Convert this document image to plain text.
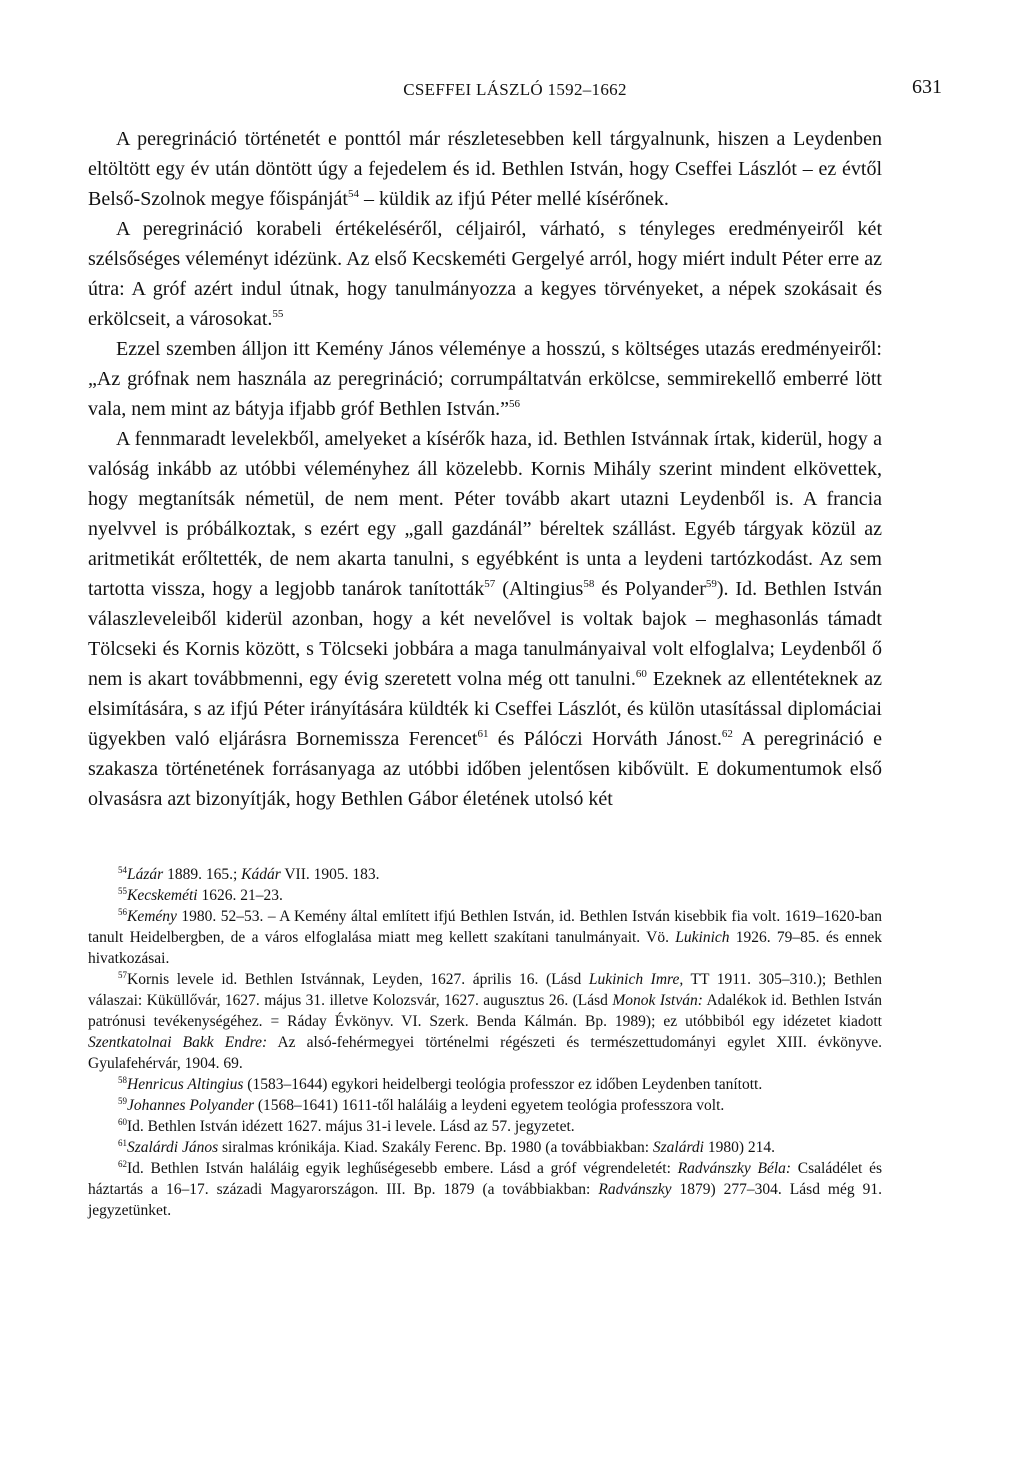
CSEFFEI LÁSZLÓ 1592–1662	631

A peregrináció történetét e ponttól már részletesebben kell tárgyalnunk, hiszen a Leydenben eltöltött egy év után döntött úgy a fejedelem és id. Bethlen István, hogy Cseffei Lászlót – ez évtől Belső-Szolnok megye főispánját$^{54}$ – küldik az ifjú Péter mellé kísérőnek.

A peregrináció korabeli értékeléséről, céljairól, várható, s tényleges eredményeiről két szélsőséges véleményt idézünk. Az első Kecskeméti Gergelyé arról, hogy miért indult Péter erre az útra: A gróf azért indul útnak, hogy tanulmányozza a kegyes törvényeket, a népek szokásait és erkölcseit, a városokat.$^{55}$

Ezzel szemben álljon itt Kemény János véleménye a hosszú, s költséges utazás eredményeiről: „Az grófnak nem használa az peregrináció; corrumpáltatván erkölcse, semmirekellő emberré lött vala, nem mint az bátyja ifjabb gróf Bethlen István.”$^{56}$

A fennmaradt levelekből, amelyeket a kísérők haza, id. Bethlen Istvánnak írtak, kiderül, hogy a valóság inkább az utóbbi véleményhez áll közelebb. Kornis Mihály szerint mindent elkövettek, hogy megtanítsák németül, de nem ment. Péter tovább akart utazni Leydenből is. A francia nyelvvel is próbálkoztak, s ezért egy „gall gazdánál” béreltek szállást. Egyéb tárgyak közül az aritmetikát erőltették, de nem akarta tanulni, s egyébként is unta a leydeni tartózkodást. Az sem tartotta vissza, hogy a legjobb tanárok tanították$^{57}$ (Altingius$^{58}$ és Polyander$^{59}$). Id. Bethlen István válaszleveleiből kiderül azonban, hogy a két nevelővel is voltak bajok – meghasonlás támadt Tölcseki és Kornis között, s Tölcseki jobbára a maga tanulmányaival volt elfoglalva; Leydenből ő nem is akart továbbmenni, egy évig szeretett volna még ott tanulni.$^{60}$ Ezeknek az ellentéteknek az elsimítására, s az ifjú Péter irányítására küldték ki Cseffei Lászlót, és külön utasítással diplomáciai ügyekben való eljárásra Bornemissza Ferencet$^{61}$ és Pálóczi Horváth Jánost.$^{62}$ A peregrináció e szakasza történetének forrásanyaga az utóbbi időben jelentősen kibővült. E dokumentumok első olvasásra azt bizonyítják, hogy Bethlen Gábor életének utolsó két

$^{54}$Lázár 1889. 165.; Kádár VII. 1905. 183.

$^{55}$Kecskeméti 1626. 21–23.

$^{56}$Kemény 1980. 52–53. – A Kemény által említett ifjú Bethlen István, id. Bethlen István kisebbik fia volt. 1619–1620-ban tanult Heidelbergben, de a város elfoglalása miatt meg kellett szakítani tanulmányait. Vö. Lukinich 1926. 79–85. és ennek hivatkozásai.

$^{57}$Kornis levele id. Bethlen Istvánnak, Leyden, 1627. április 16. (Lásd Lukinich Imre, TT 1911. 305–310.); Bethlen válaszai: Küküllővár, 1627. május 31. illetve Kolozsvár, 1627. augusztus 26. (Lásd Monok István: Adalékok id. Bethlen István patrónusi tevékenységéhez. = Ráday Évkönyv. VI. Szerk. Benda Kálmán. Bp. 1989); ez utóbbiból egy idézetet kiadott Szentkatolnai Bakk Endre: Az alsó-fehérmegyei történelmi régészeti és természettudományi egylet XIII. évkönyve. Gyulafehérvár, 1904. 69.

$^{58}$Henricus Altingius (1583–1644) egykori heidelbergi teológia professzor ez időben Leydenben tanított.

$^{59}$Johannes Polyander (1568–1641) 1611-től haláláig a leydeni egyetem teológia professzora volt.

$^{60}$Id. Bethlen István idézett 1627. május 31-i levele. Lásd az 57. jegyzetet.

$^{61}$Szalárdi János siralmas krónikája. Kiad. Szakály Ferenc. Bp. 1980 (a továbbiakban: Szalárdi 1980) 214.

$^{62}$Id. Bethlen István haláláig egyik leghűségesebb embere. Lásd a gróf végrendeletét: Radvánszky Béla: Családélet és háztartás a 16–17. századi Magyarországon. III. Bp. 1879 (a továbbiakban: Radvánszky 1879) 277–304. Lásd még 91. jegyzetünket.
